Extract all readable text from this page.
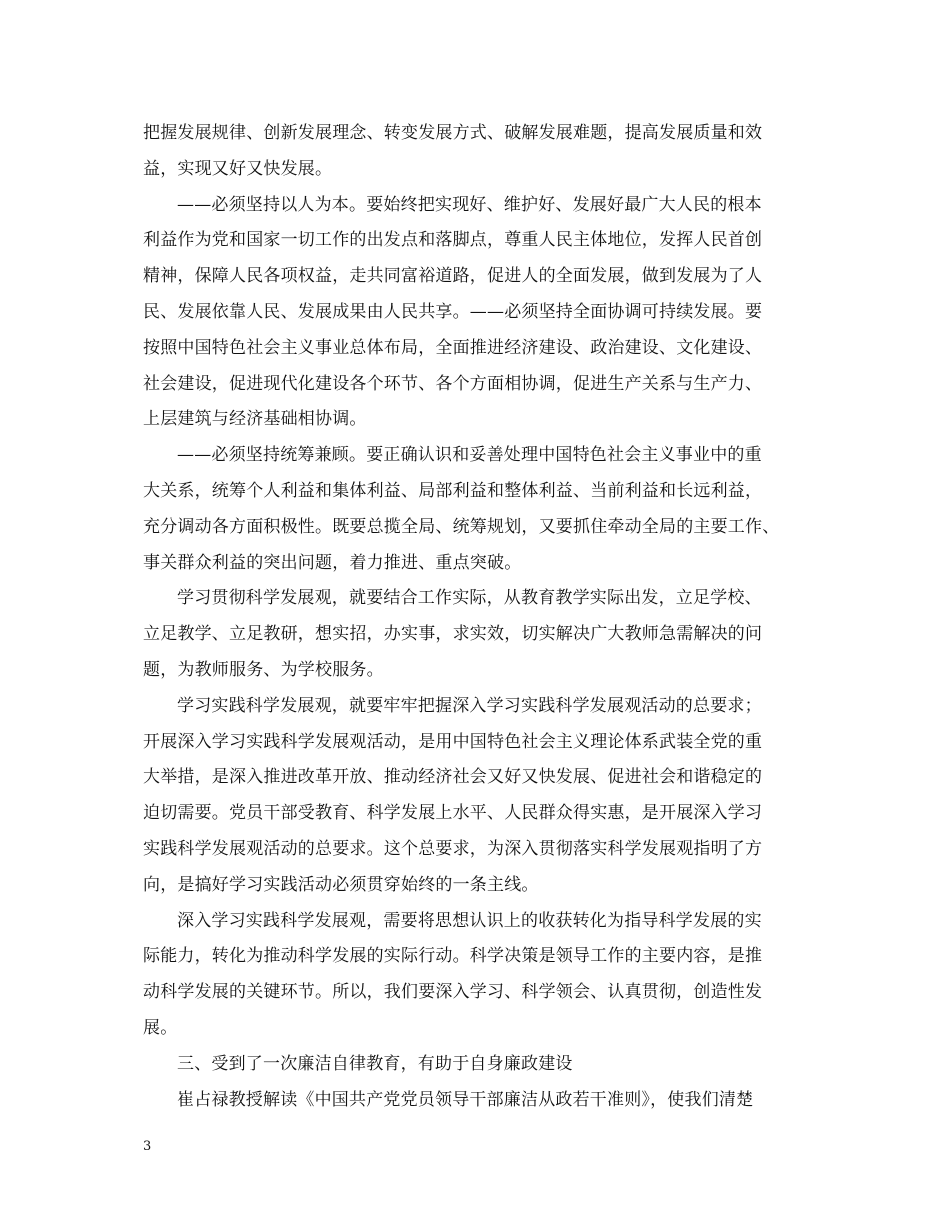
把握发展规律、创新发展理念、转变发展方式、破解发展难题，提高发展质量和效
益，实现又好又快发展。
——必须坚持以人为本。要始终把实现好、维护好、发展好最广大人民的根本
利益作为党和国家一切工作的出发点和落脚点，尊重人民主体地位，发挥人民首创
精神，保障人民各项权益，走共同富裕道路，促进人的全面发展，做到发展为了人
民、发展依靠人民、发展成果由人民共享。——必须坚持全面协调可持续发展。要
按照中国特色社会主义事业总体布局，全面推进经济建设、政治建设、文化建设、
社会建设，促进现代化建设各个环节、各个方面相协调，促进生产关系与生产力、
上层建筑与经济基础相协调。
——必须坚持统筹兼顾。要正确认识和妥善处理中国特色社会主义事业中的重
大关系，统筹个人利益和集体利益、局部利益和整体利益、当前利益和长远利益，
充分调动各方面积极性。既要总揽全局、统筹规划，又要抓住牵动全局的主要工作、
事关群众利益的突出问题，着力推进、重点突破。
学习贯彻科学发展观，就要结合工作实际，从教育教学实际出发，立足学校、
立足教学、立足教研，想实招，办实事，求实效，切实解决广大教师急需解决的问
题，为教师服务、为学校服务。
学习实践科学发展观，就要牢牢把握深入学习实践科学发展观活动的总要求；
开展深入学习实践科学发展观活动，是用中国特色社会主义理论体系武装全党的重
大举措，是深入推进改革开放、推动经济社会又好又快发展、促进社会和谐稳定的
迫切需要。党员干部受教育、科学发展上水平、人民群众得实惠，是开展深入学习
实践科学发展观活动的总要求。这个总要求，为深入贯彻落实科学发展观指明了方
向，是搞好学习实践活动必须贯穿始终的一条主线。
深入学习实践科学发展观，需要将思想认识上的收获转化为指导科学发展的实
际能力，转化为推动科学发展的实际行动。科学决策是领导工作的主要内容，是推
动科学发展的关键环节。所以，我们要深入学习、科学领会、认真贯彻，创造性发
展。
三、受到了一次廉洁自律教育，有助于自身廉政建设
崔占禄教授解读《中国共产党党员领导干部廉洁从政若干准则》，使我们清楚
3
